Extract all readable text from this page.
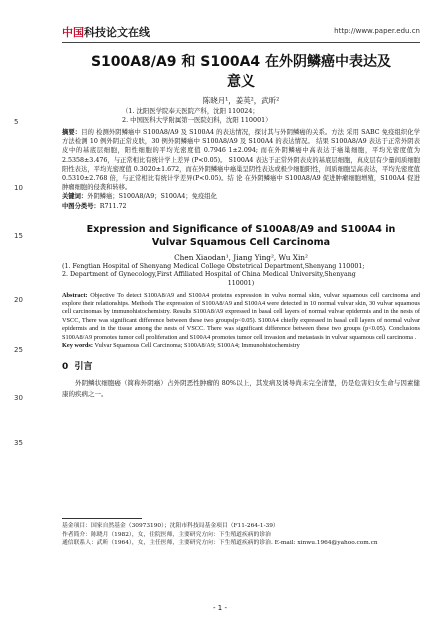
中国科技论文在线	http://www.paper.edu.cn
5
10
15
20
25
30
35
S100A8/A9 和 S100A4 在外阴鳞癌中表达及
意义
陈晓月¹，姜英²，武昕²
（1. 沈阳医学院奉天医院产科，沈阳 110024；
2. 中国医科大学附属第一医院妇科，沈阳 110001）
摘要：目的 检测外阴鳞癌中 S100A8/A9 及 S100A4 的表达情况，探讨其与外阴鳞癌的关系。方法 采用 SABC 免疫组织化学方法检测 10 例外阴正常皮肤，30 例外阴鳞癌中 S100A8/A9 及 S100A4 的表达情况。 结果 S100A8/A9 表达于正常外阴表皮中的基底层细胞，阳性细胞的平均光密度值 0.7946 1±2.094; 而在外阴鳞癌中高表达于癌巢细胞，平均光密度值为 2.5358±3.476，与正常相比有统计学上差异 (P<0.05)。 S100A4 表达于正常外阴表皮的基底层细胞，真皮层有少量间质细胞阳性表达，平均光密度值 0.3020±1.672，而在外阴鳞癌中癌巢呈阴性表达或极少细胞阳性，间质细胞呈高表达，平均光密度值 0.5310±2.768 倍，与正常相比有统计学差异(P<0.05)。结 论 在外阴鳞癌中 S100A8/A9 促进肿瘤细胞增殖，S100A4 促进肿瘤细胞的侵袭和转移。
关键词：外阴鳞癌；S100A8/A9；S100A4；免疫组化
中图分类号：R711.72
Expression and Significance of S100A8/A9 and S100A4 in
Vulvar Squamous Cell Carcinoma
Chen Xiaodan¹, Jiang Ying², Wu Xin²
(1. Fengtian Hospital of Shenyang Medical College Obstetrical Department,Shenyang 110001;
2. Department of Gynecology,First Affiliated Hospital of China Medical University,Shenyang
110001)
Abstract: Objective To detect S100A8/A9 and S100A4 proteins expression in vulva normal skin, vulvar squamous cell carcinoma and explore their relationships. Methods The expression of S100A8/A9 and S100A4 were detected in 10 normal vulvar skin, 30 vulvar squamous cell carcinomas by immunohistochemistry. Results S100A8/A9 expressed in basal cell layers of normal vulvar epidermis and in the nests of VSCC, There was significant difference between these two groups(p<0.05). S100A4 chiefly expressed in basal cell layers of normal vulvar epidermis and in the tissue among the nests of VSCC. There was significant difference between these two groups (p<0.05). Conclusions S100A8/A9 promotes tumor cell proliferation and S100A4 promotes tumor cell invasion and metastasis in vulvar squamous cell carcinoma .
Key words: Vulvar Squamous Cell Carcinoma; S100A8/A9; S100A4; Immunohistochemistry
0 引言
外阴鳞状细胞癌（简称外阴癌）占外阴恶性肿瘤的 80%以上，其发病及诱导尚未完全清楚，仍是危害妇女生命与因素健康的疾病之一。
基金项目：国家自然基金（30973190）；沈阳市科技局基金项目（F11-264-1-39）
作者简介：陈晓月（1982），女，住院医师，主要研究方向：下生殖道疾病的诊治
通信联系人：武昕（1964），女，主任医师，主要研究方向：下生殖道疾病的诊治. E-mail: xinwu.1964@yahoo.com.cn
- 1 -
